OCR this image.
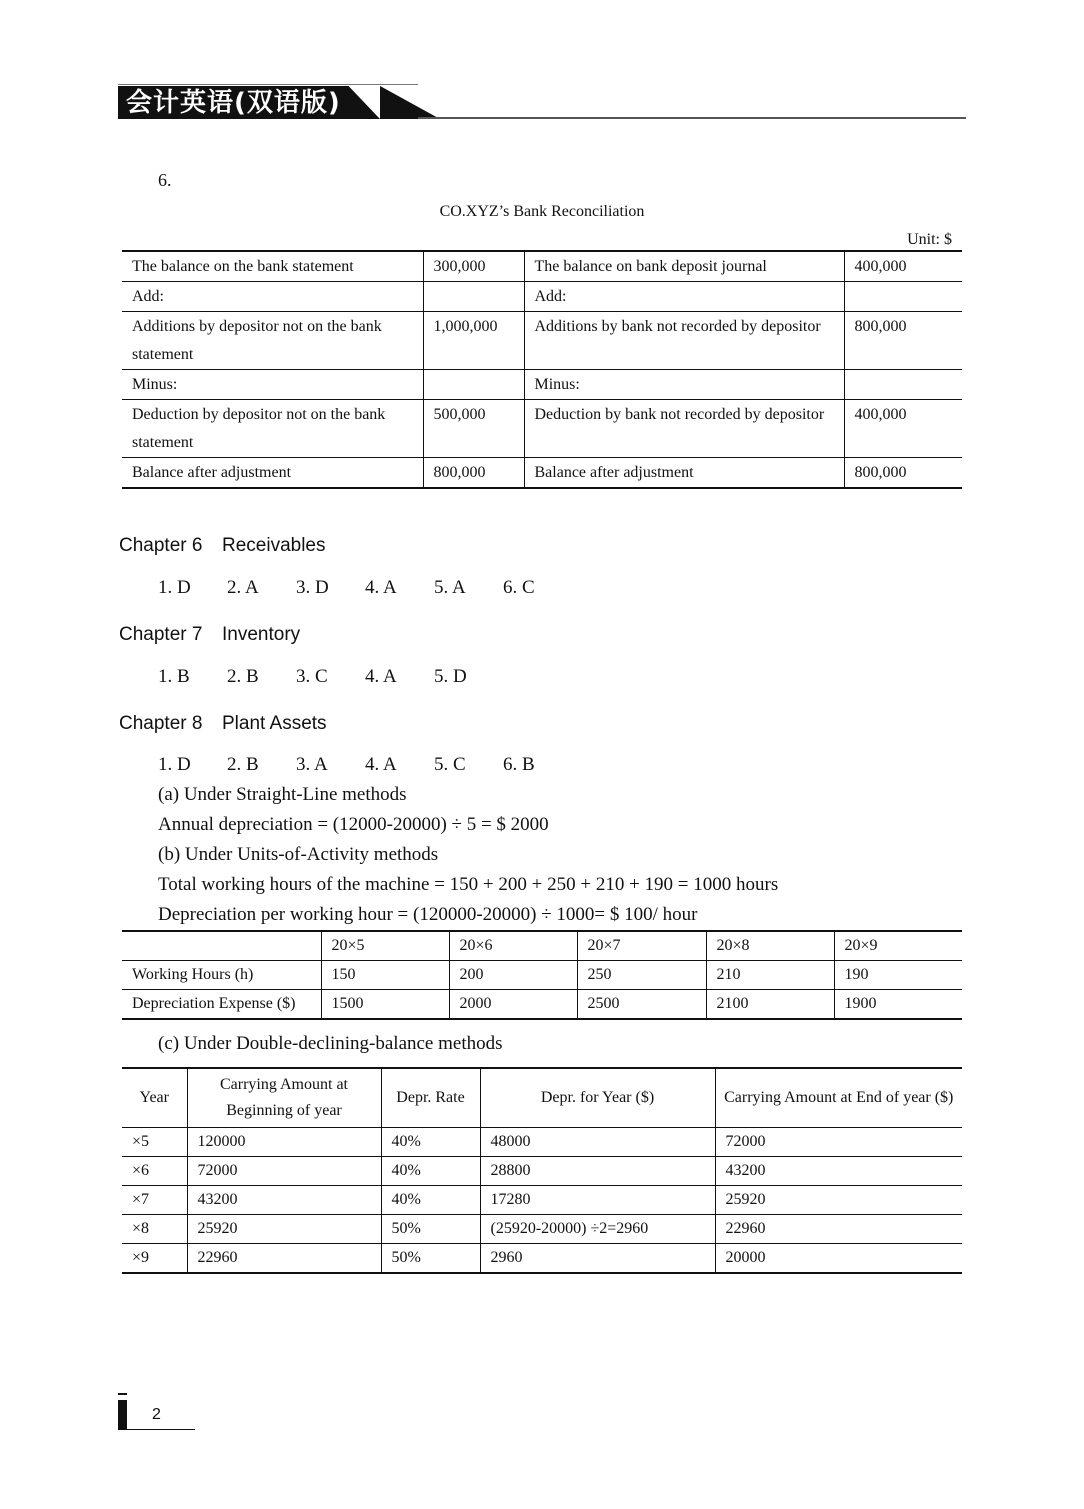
会计英语(双语版)
6.
CO.XYZ’s Bank Reconciliation
Unit: $
The balance on the bank statement	300,000	The balance on bank deposit journal	400,000
Add:		Add:	
Additions by depositor not on the bank statement	1,000,000	Additions by bank not recorded by depositor	800,000
Minus:		Minus:	
Deduction by depositor not on the bank statement	500,000	Deduction by bank not recorded by depositor	400,000
Balance after adjustment	800,000	Balance after adjustment	800,000
Chapter 6 Receivables
1. D	2. A	3. D	4. A	5. A	6. C
Chapter 7 Inventory
1. B	2. B	3. C	4. A	5. D
Chapter 8 Plant Assets
1. D	2. B	3. A	4. A	5. C	6. B
(a) Under Straight-Line methods
Annual depreciation = (12000-20000) ÷ 5 = $ 2000
(b) Under Units-of-Activity methods
Total working hours of the machine = 150 + 200 + 250 + 210 + 190 = 1000 hours
Depreciation per working hour = (120000-20000) ÷ 1000= $ 100/ hour
	20×5	20×6	20×7	20×8	20×9
Working Hours (h)	150	200	250	210	190
Depreciation Expense ($)	1500	2000	2500	2100	1900
(c) Under Double-declining-balance methods
Year	Carrying Amount at Beginning of year	Depr. Rate	Depr. for Year ($)	Carrying Amount at End of year ($)
×5	120000	40%	48000	72000
×6	72000	40%	28800	43200
×7	43200	40%	17280	25920
×8	25920	50%	(25920-20000) ÷2=2960	22960
×9	22960	50%	2960	20000
2
